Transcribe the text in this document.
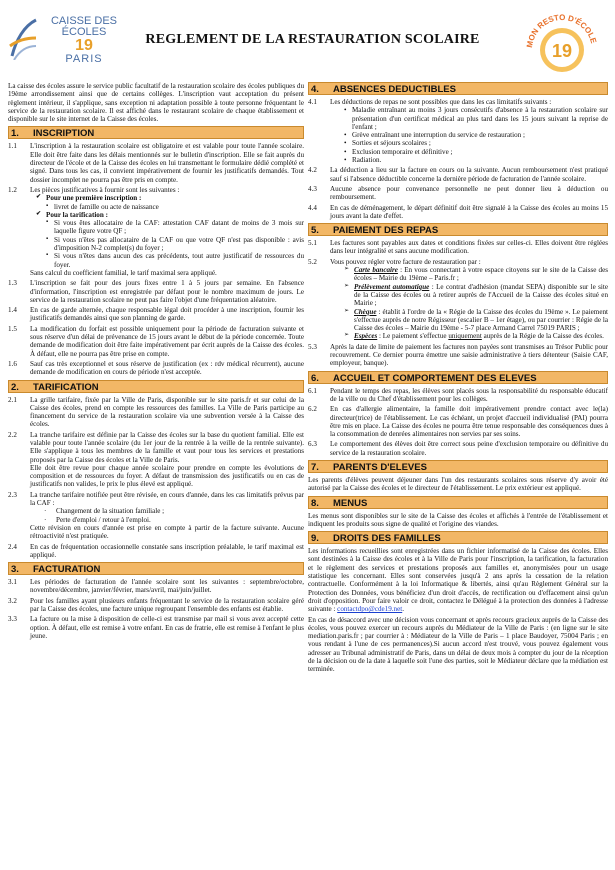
CAISSE DES
ÉCOLES
19
PARIS
REGLEMENT DE LA RESTAURATION SCOLAIRE	MON RESTO D'ÉCOLE
19

La caisse des écoles assure le service public facultatif de la restauration scolaire des écoles publiques du 19ème arrondissement ainsi que de certains collèges. L'inscription vaut acceptation du présent règlement intérieur, il s'applique, sans exception ni adaptation possible à toute personne fréquentant le service de la restauration scolaire. Il est affiché dans le restaurant scolaire de chaque établissement et disponible sur le site internet de la Caisse des écoles.

1.	INSCRIPTION
1.1	L'inscription à la restauration scolaire est obligatoire et est valable pour toute l'année scolaire. Elle doit être faite dans les délais mentionnés sur le bulletin d'inscription. Elle se fait auprès du directeur de l'école et de la Caisse des écoles en lui transmettant le formulaire dédié complété et signé. Dans tous les cas, il convient impérativement de fournir les justificatifs demandés. Tout dossier incomplet ne pourra pas être pris en compte.
1.2	Les pièces justificatives à fournir sont les suivantes :
✔ Pour une première inscription :
▪ livret de famille ou acte de naissance
✔ Pour la tarification :
▪ Si vous êtes allocataire de la CAF: attestation CAF datant de moins de 3 mois sur laquelle figure votre QF ;
▪ Si vous n'êtes pas allocataire de la CAF ou que votre QF n'est pas disponible : avis d'imposition N-2 complet(s) du foyer ;
▪ Si vous n'êtes dans aucun des cas précédents, tout autre justificatif de ressources du foyer.
Sans calcul du coefficient familial, le tarif maximal sera appliqué.
1.3	L'inscription se fait pour des jours fixes entre 1 à 5 jours par semaine. En l'absence d'information, l'inscription est enregistrée par défaut pour le nombre maximum de jours. Le service de la restauration scolaire ne peut pas faire l'objet d'une fréquentation aléatoire.
1.4	En cas de garde alternée, chaque responsable légal doit procéder à une inscription, fournir les justificatifs demandés ainsi que son planning de garde.
1.5	La modification du forfait est possible uniquement pour la période de facturation suivante et sous réserve d'un délai de prévenance de 15 jours avant le début de la période concernée. Toute demande de modification doit être faite impérativement par écrit auprès de la Caisse des écoles. À défaut, elle ne pourra pas être prise en compte.
1.6	Sauf cas très exceptionnel et sous réserve de justification (ex : rdv médical récurrent), aucune demande de modification en cours de période n'est acceptée.
2.	TARIFICATION
2.1	La grille tarifaire, fixée par la Ville de Paris, disponible sur le site paris.fr et sur celui de la Caisse des écoles, prend en compte les ressources des familles. La Ville de Paris participe au financement du service de la restauration scolaire via une subvention versée à la Caisse des écoles.
2.2	La tranche tarifaire est définie par la Caisse des écoles sur la base du quotient familial. Elle est valable pour toute l'année scolaire (du 1er jour de la rentrée à la veille de la rentrée suivante). Elle s'applique à tous les membres de la famille et vaut pour tous les services et prestations proposés par la Caisse des écoles et la Ville de Paris.
Elle doit être revue pour chaque année scolaire pour prendre en compte les évolutions de composition et de ressources du foyer. A défaut de transmission des justificatifs ou en cas de justificatifs non valides, le prix le plus élevé est appliqué.
2.3	La tranche tarifaire notifiée peut être révisée, en cours d'année, dans les cas limitatifs prévus par la CAF :
· Changement de la situation familiale ;
· Perte d'emploi / retour à l'emploi.
Cette révision en cours d'année est prise en compte à partir de la facture suivante. Aucune rétroactivité n'est pratiquée.
2.4	En cas de fréquentation occasionnelle constatée sans inscription préalable, le tarif maximal est appliqué.
3.	FACTURATION
3.1	Les périodes de facturation de l'année scolaire sont les suivantes : septembre/octobre, novembre/décembre, janvier/février, mars/avril, mai/juin/juillet.
3.2	Pour les familles ayant plusieurs enfants fréquentant le service de la restauration scolaire géré par la Caisse des écoles, une facture unique regroupant l'ensemble des enfants est établie.
3.3	La facture ou la mise à disposition de celle-ci est transmise par mail si vous avez accepté cette option. À défaut, elle est remise à votre enfant. En cas de fratrie, elle est remise à l'enfant le plus jeune.
4.	ABSENCES DEDUCTIBLES
4.1	Les déductions de repas ne sont possibles que dans les cas limitatifs suivants :
• Maladie entraînant au moins 3 jours consécutifs d'absence à la restauration scolaire sur présentation d'un certificat médical au plus tard dans les 15 jours suivant la reprise de l'enfant ;
• Grève entraînant une interruption du service de restauration ;
• Sorties et séjours scolaires ;
• Exclusion temporaire et définitive ;
• Radiation.
4.2	La déduction a lieu sur la facture en cours ou la suivante. Aucun remboursement n'est pratiqué sauf si l'absence déductible concerne la dernière période de facturation de l'année scolaire.
4.3	Aucune absence pour convenance personnelle ne peut donner lieu à déduction ou remboursement.
4.4	En cas de déménagement, le départ définitif doit être signalé à la Caisse des écoles au moins 15 jours avant la date d'effet.
5.	PAIEMENT DES REPAS
5.1	Les factures sont payables aux dates et conditions fixées sur celles-ci. Elles doivent être réglées dans leur intégralité et sans aucune modification.
5.2	Vous pouvez régler votre facture de restauration par :
➢ Carte bancaire : En vous connectant à votre espace citoyens sur le site de la Caisse des écoles – Mairie du 19ème – Paris.fr ;
➢ Prélèvement automatique : Le contrat d'adhésion (mandat SEPA) disponible sur le site de la Caisse des écoles ou à retirer auprès de l'Accueil de la Caisse des écoles situé en Mairie ;
➢ Chèque : établit à l'ordre de la « Régie de la Caisse des écoles du 19ème ». Le paiement s'effectue auprès de notre Régisseur (escalier B – 1er étage), ou par courrier : Régie de la Caisse des écoles – Mairie du 19ème - 5-7 place Armand Carrel 75019 PARIS ;
➢ Espèces : Le paiement s'effectue uniquement auprès de la Régie de la Caisse des écoles.
5.3	Après la date de limite de paiement les factures non payées sont transmises au Trésor Public pour recouvrement. Ce dernier pourra émettre une saisie administrative à tiers détenteur (Saisie CAF, employeur, banque).
6.	ACCUEIL ET COMPORTEMENT DES ELEVES
6.1	Pendant le temps des repas, les élèves sont placés sous la responsabilité du responsable éducatif de la ville ou du Chef d'établissement pour les collèges.
6.2	En cas d'allergie alimentaire, la famille doit impérativement prendre contact avec le(la) directeur(trice) de l'établissement. Le cas échéant, un projet d'accueil individualisé (PAI) pourra être mis en place. La Caisse des écoles ne pourra être tenue responsable des conséquences dues à la consommation de denrées alimentaires non servies par ses soins.
6.3	Le comportement des élèves doit être correct sous peine d'exclusion temporaire ou définitive du service de la restauration scolaire.
7.	PARENTS D'ELEVES

Les parents d'élèves peuvent déjeuner dans l'un des restaurants scolaires sous réserve d'y avoir été autorisé par la Caisse des écoles et le directeur de l'établissement. Le prix extérieur est appliqué.

8.	MENUS

Les menus sont disponibles sur le site de la Caisse des écoles et affichés à l'entrée de l'établissement et indiquent les produits sous signe de qualité et l'origine des viandes.

9.	DROITS DES FAMILLES

Les informations recueillies sont enregistrées dans un fichier informatisé de la Caisse des écoles. Elles sont destinées à la Caisse des écoles et à la Ville de Paris pour l'inscription, la tarification, la facturation et le règlement des services et prestations proposés aux familles et, anonymisées pour un usage statistique les concernant. Elles sont conservées jusqu'à 2 ans après la cessation de la relation contractuelle. Conformément à la loi Informatique & libertés, ainsi qu'au Règlement Général sur la Protection des Données, vous bénéficiez d'un droit d'accès, de rectification ou d'effacement ainsi qu'un droit d'opposition. Pour faire valoir ce droit, contactez le Délégué à la protection des données à l'adresse suivante : contactdpo@cde19.net.

En cas de désaccord avec une décision vous concernant et après recours gracieux auprès de la Caisse des écoles, vous pouvez exercer un recours auprès du Médiateur de la Ville de Paris : (en ligne sur le site mediation.paris.fr ; par courrier à : Médiateur de la Ville de Paris – 1 place Baudoyer, 75004 Paris ; en vous rendant à l'une de ces permanences).Si aucun accord n'est trouvé, vous pouvez également vous adresser au Tribunal administratif de Paris, dans un délai de deux mois à compter du jour de la réception de la décision ou de la date à laquelle soit l'une des parties, soit le Médiateur déclare que la médiation est terminée.
